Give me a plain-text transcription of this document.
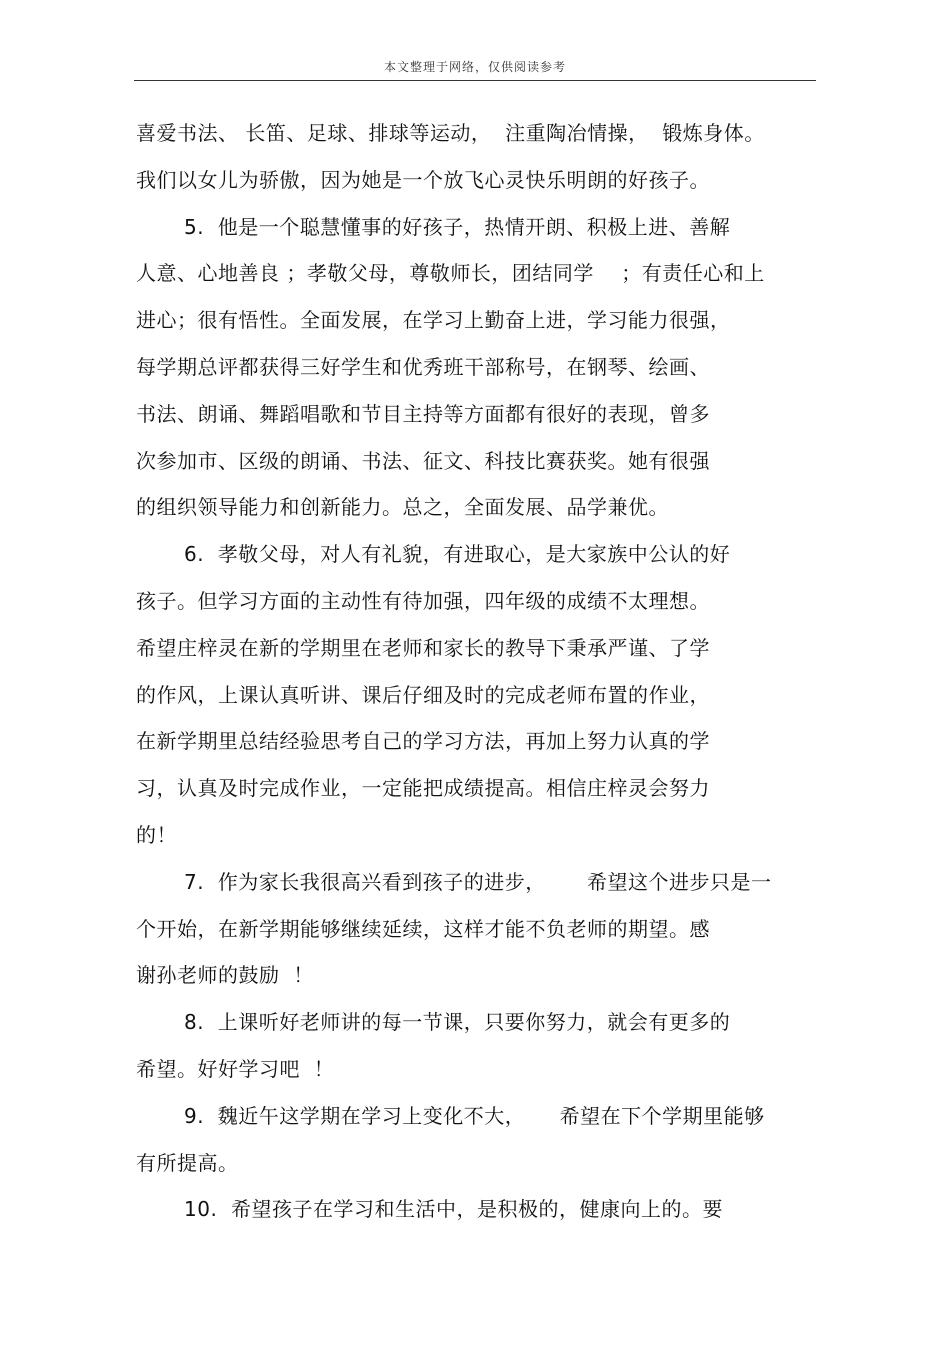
本文整理于网络，仅供阅读参考
喜爱书法、 长笛、足球、排球等运动，  注重陶冶情操，  锻炼身体。
我们以女儿为骄傲，因为她是一个放飞心灵快乐明朗的好孩子。
5.  他是一个聪慧懂事的好孩子，热情开朗、积极上进、善解
人意、心地善良 ；孝敬父母，尊敬师长，团结同学    ；有责任心和上
进心；很有悟性。全面发展，在学习上勤奋上进，学习能力很强，
每学期总评都获得三好学生和优秀班干部称号，在钢琴、绘画、
书法、朗诵、舞蹈唱歌和节目主持等方面都有很好的表现，曾多
次参加市、区级的朗诵、书法、征文、科技比赛获奖。她有很强
的组织领导能力和创新能力。总之，全面发展、品学兼优。
6.  孝敬父母，对人有礼貌，有进取心，是大家族中公认的好
孩子。但学习方面的主动性有待加强，四年级的成绩不太理想。
希望庄梓灵在新的学期里在老师和家长的教导下秉承严谨、了学
的作风，上课认真听讲、课后仔细及时的完成老师布置的作业，
在新学期里总结经验思考自己的学习方法，再加上努力认真的学
习，认真及时完成作业，一定能把成绩提高。相信庄梓灵会努力
的！
7.  作为家长我很高兴看到孩子的进步，      希望这个进步只是一
个开始，在新学期能够继续延续，这样才能不负老师的期望。感
谢孙老师的鼓励  ！
8.  上课听好老师讲的每一节课，只要你努力，就会有更多的
希望。好好学习吧  ！
9.  魏近午这学期在学习上变化不大，     希望在下个学期里能够
有所提高。
10.  希望孩子在学习和生活中，是积极的，健康向上的。要
